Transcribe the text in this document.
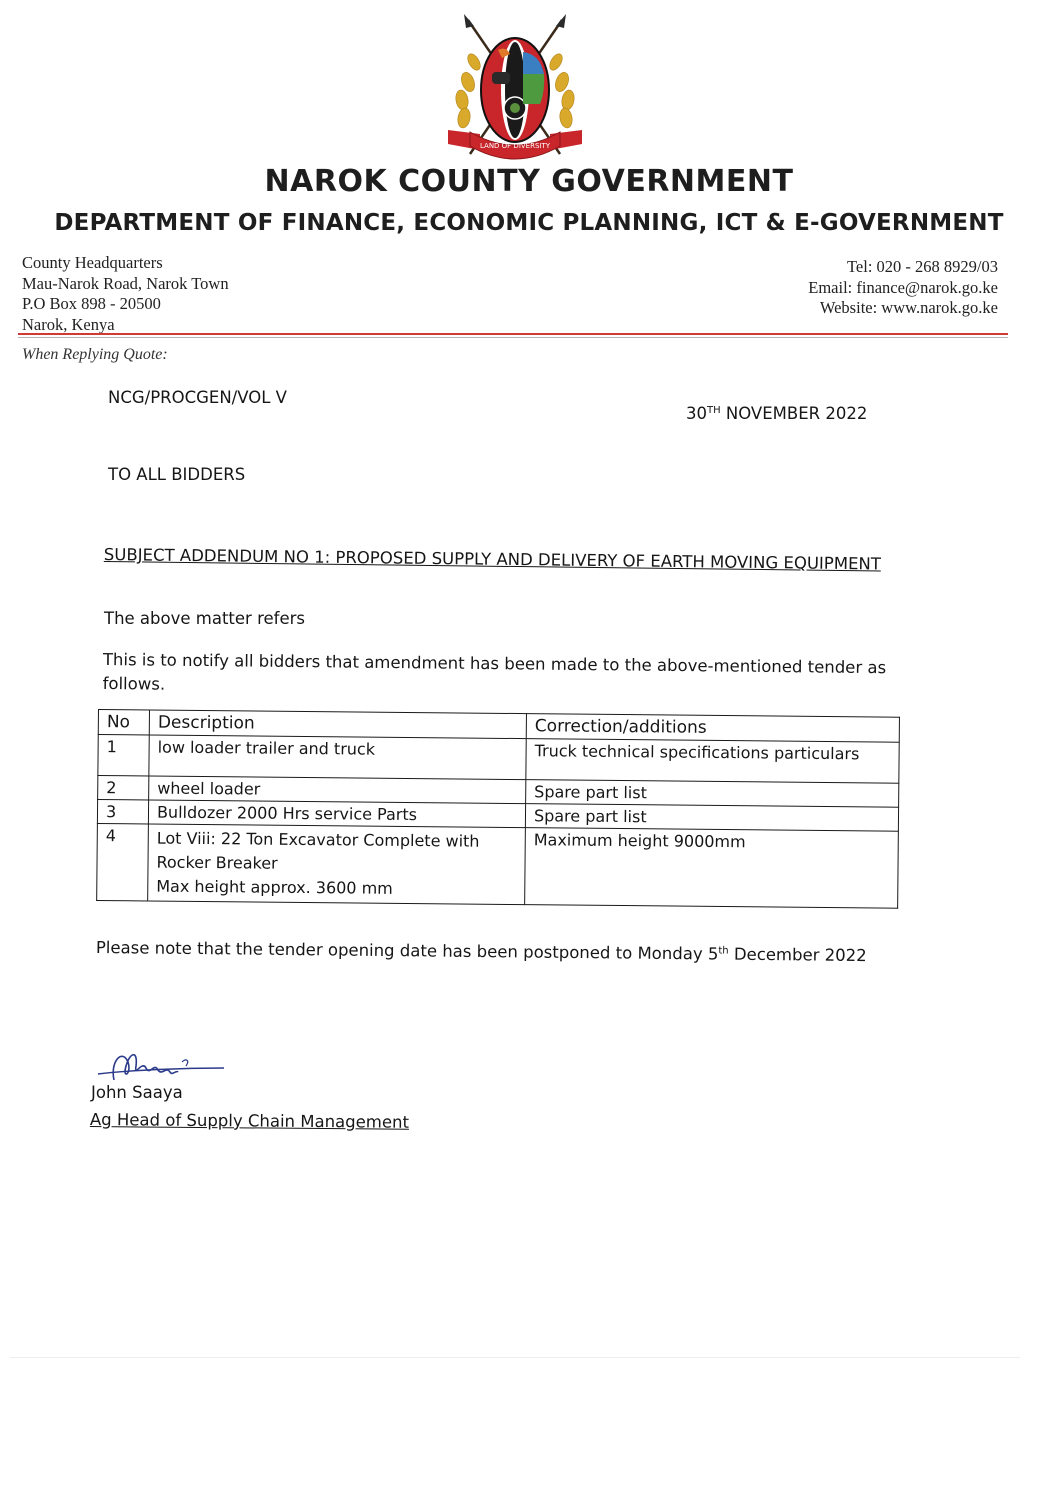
LAND OF DIVERSITY
NAROK COUNTY GOVERNMENT
DEPARTMENT OF FINANCE, ECONOMIC PLANNING, ICT & E-GOVERNMENT
County Headquarters
Mau-Narok Road, Narok Town
P.O Box 898 - 20500
Narok, Kenya
Tel: 020 - 268 8929/03
Email: finance@narok.go.ke
Website: www.narok.go.ke
When Replying Quote:
NCG/PROCGEN/VOL V
30TH NOVEMBER 2022
TO ALL BIDDERS
SUBJECT ADDENDUM NO 1: PROPOSED SUPPLY AND DELIVERY OF EARTH MOVING EQUIPMENT
The above matter refers
This is to notify all bidders that amendment has been made to the above-mentioned tender as follows.
No	Description	Correction/additions
1	low loader trailer and truck	Truck technical specifications particulars
2	wheel loader	Spare part list
3	Bulldozer 2000 Hrs service Parts	Spare part list
4	Lot Viii: 22 Ton Excavator Complete with
Rocker Breaker
Max height approx. 3600 mm	Maximum height 9000mm
Please note that the tender opening date has been postponed to Monday 5th December 2022
John Saaya
Ag Head of Supply Chain Management
